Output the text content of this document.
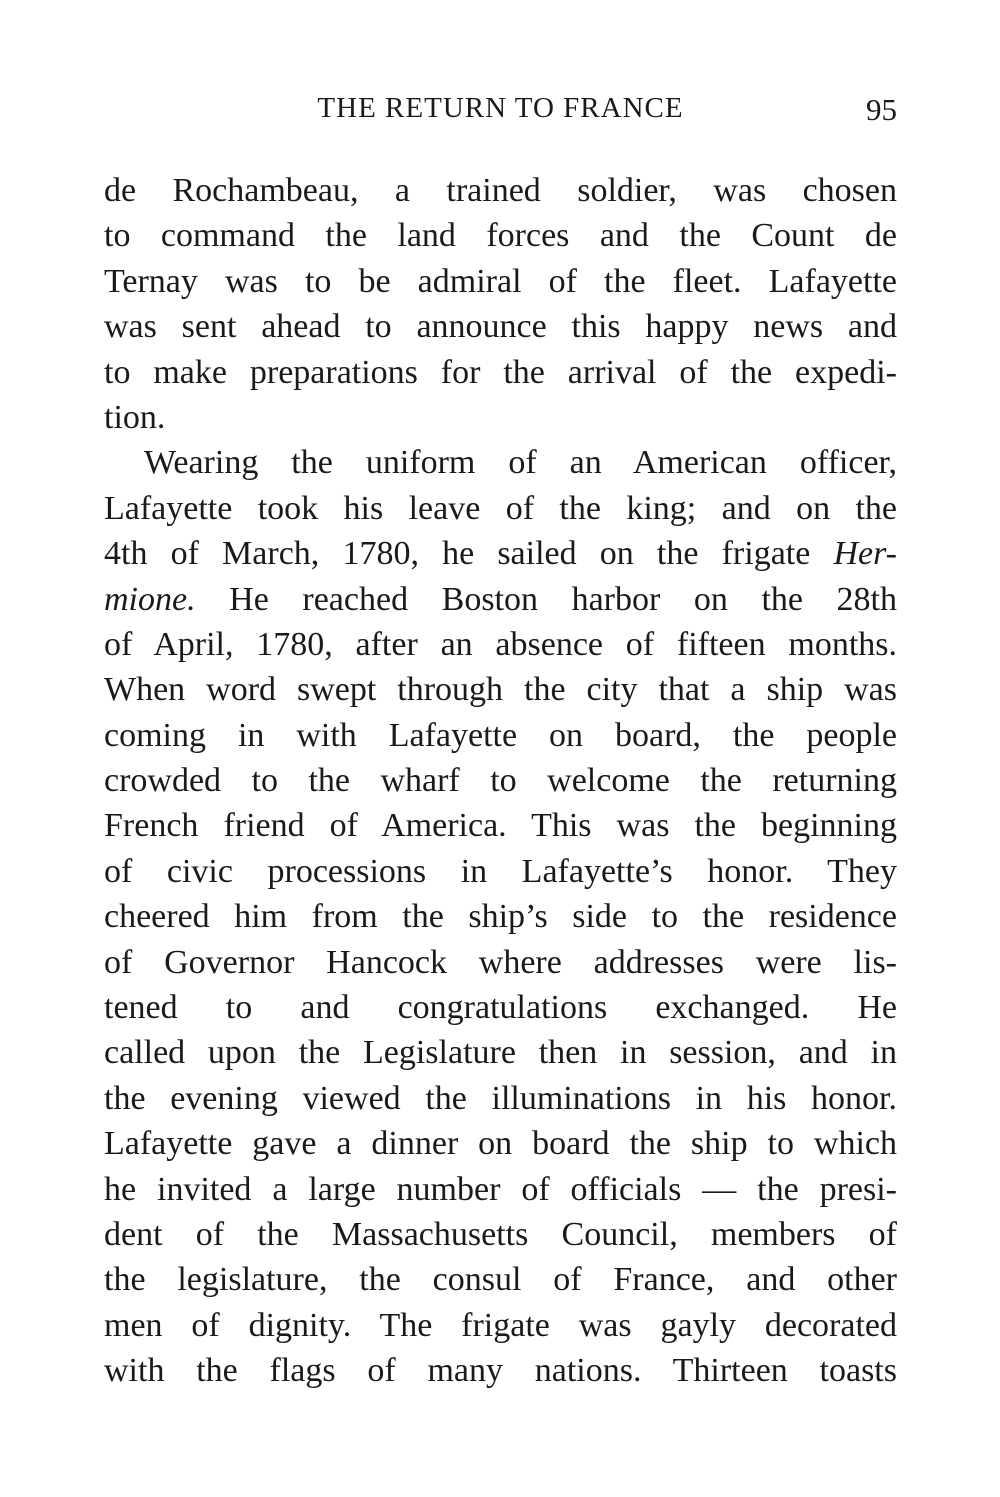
THE RETURN TO FRANCE	95
de Rochambeau, a trained soldier, was chosen
to command the land forces and the Count de
Ternay was to be admiral of the fleet. Lafayette
was sent ahead to announce this happy news and
to make preparations for the arrival of the expedi-
tion.
Wearing the uniform of an American officer,
Lafayette took his leave of the king; and on the
4th of March, 1780, he sailed on the frigate Her-
mione. He reached Boston harbor on the 28th
of April, 1780, after an absence of fifteen months.
When word swept through the city that a ship was
coming in with Lafayette on board, the people
crowded to the wharf to welcome the returning
French friend of America. This was the beginning
of civic processions in Lafayette’s honor. They
cheered him from the ship’s side to the residence
of Governor Hancock where addresses were lis-
tened to and congratulations exchanged. He
called upon the Legislature then in session, and in
the evening viewed the illuminations in his honor.
Lafayette gave a dinner on board the ship to which
he invited a large number of officials — the presi-
dent of the Massachusetts Council, members of
the legislature, the consul of France, and other
men of dignity. The frigate was gayly decorated
with the flags of many nations. Thirteen toasts
